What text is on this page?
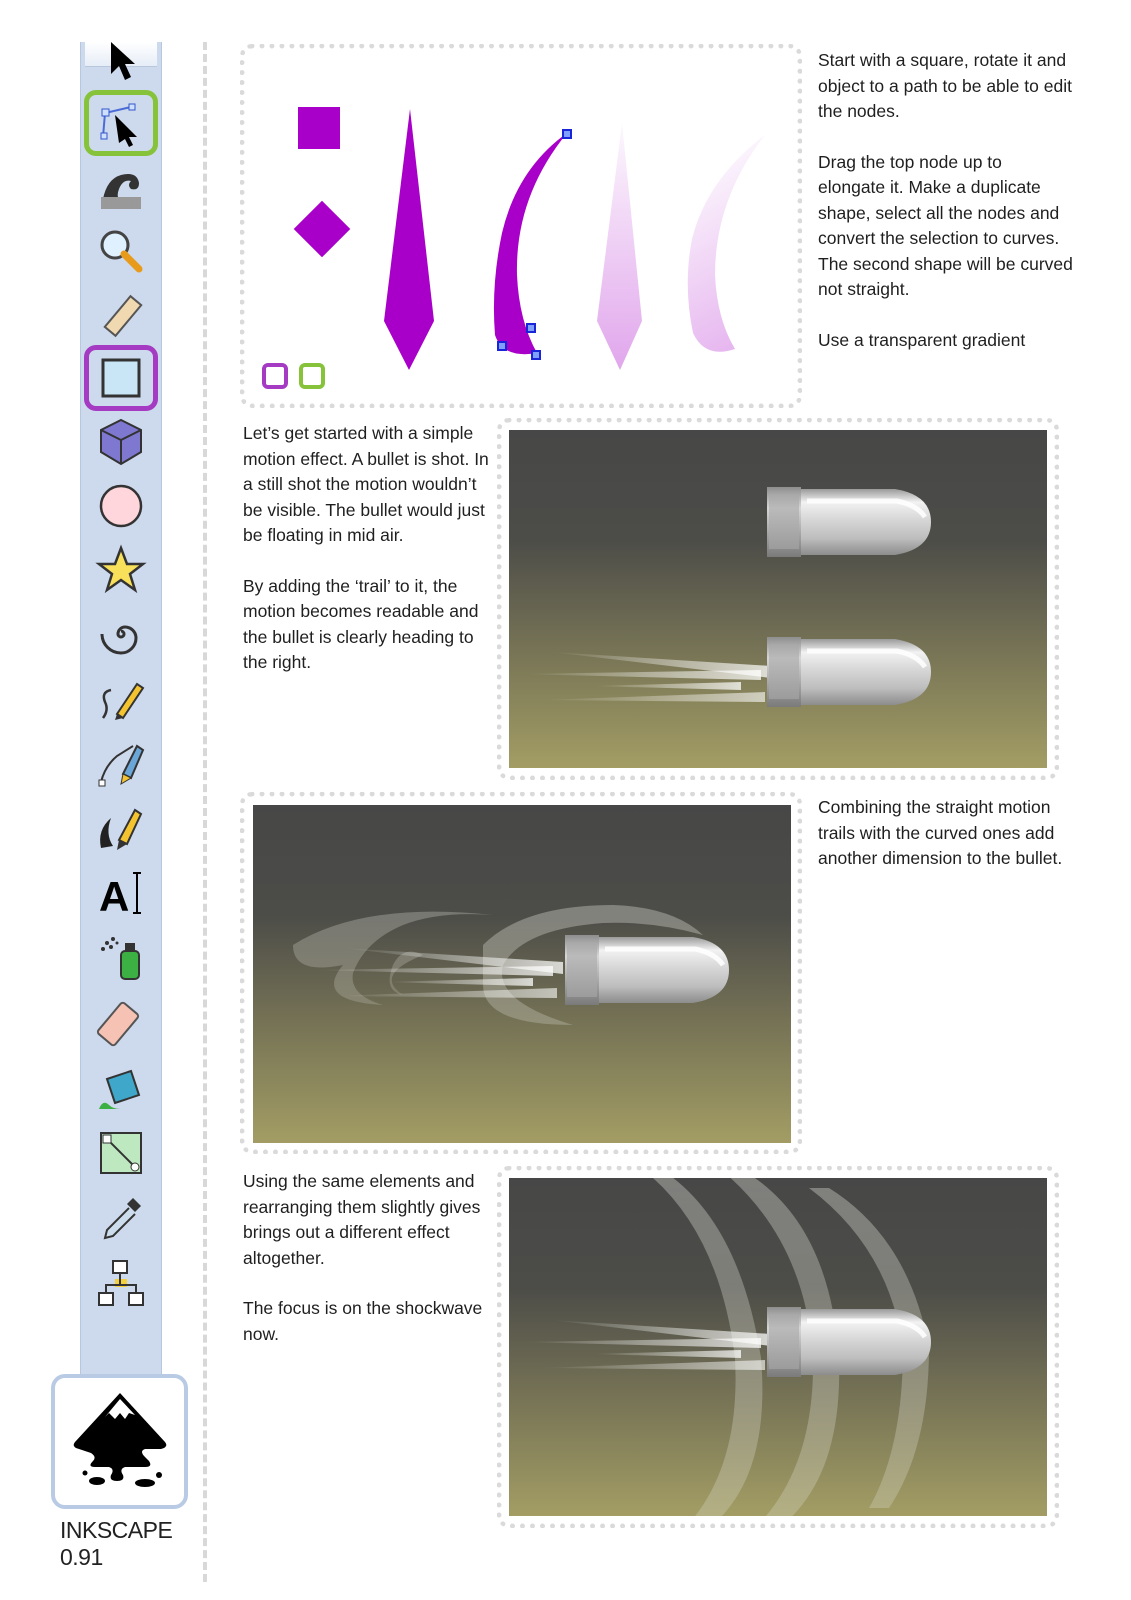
A
INKSCAPE 0.91

Start with a square, rotate it and object to a path to be able to edit the nodes.

Drag the top node up to elongate it. Make a duplicate shape, select all the nodes and convert the selection to curves. The second shape will be curved not straight.

Use a transparent gradient

Let’s get started with a simple motion effect. A bullet is shot. In a still shot the motion wouldn’t be visible. The bullet would just be floating in mid air.

By adding the ‘trail’ to it, the motion becomes readable and the bullet is clearly heading to the right.

Combining the straight motion trails with the curved ones add another dimension to the bullet.

Using the same elements and rearranging them slightly gives brings out a different effect altogether.

The focus is on the shockwave now.
